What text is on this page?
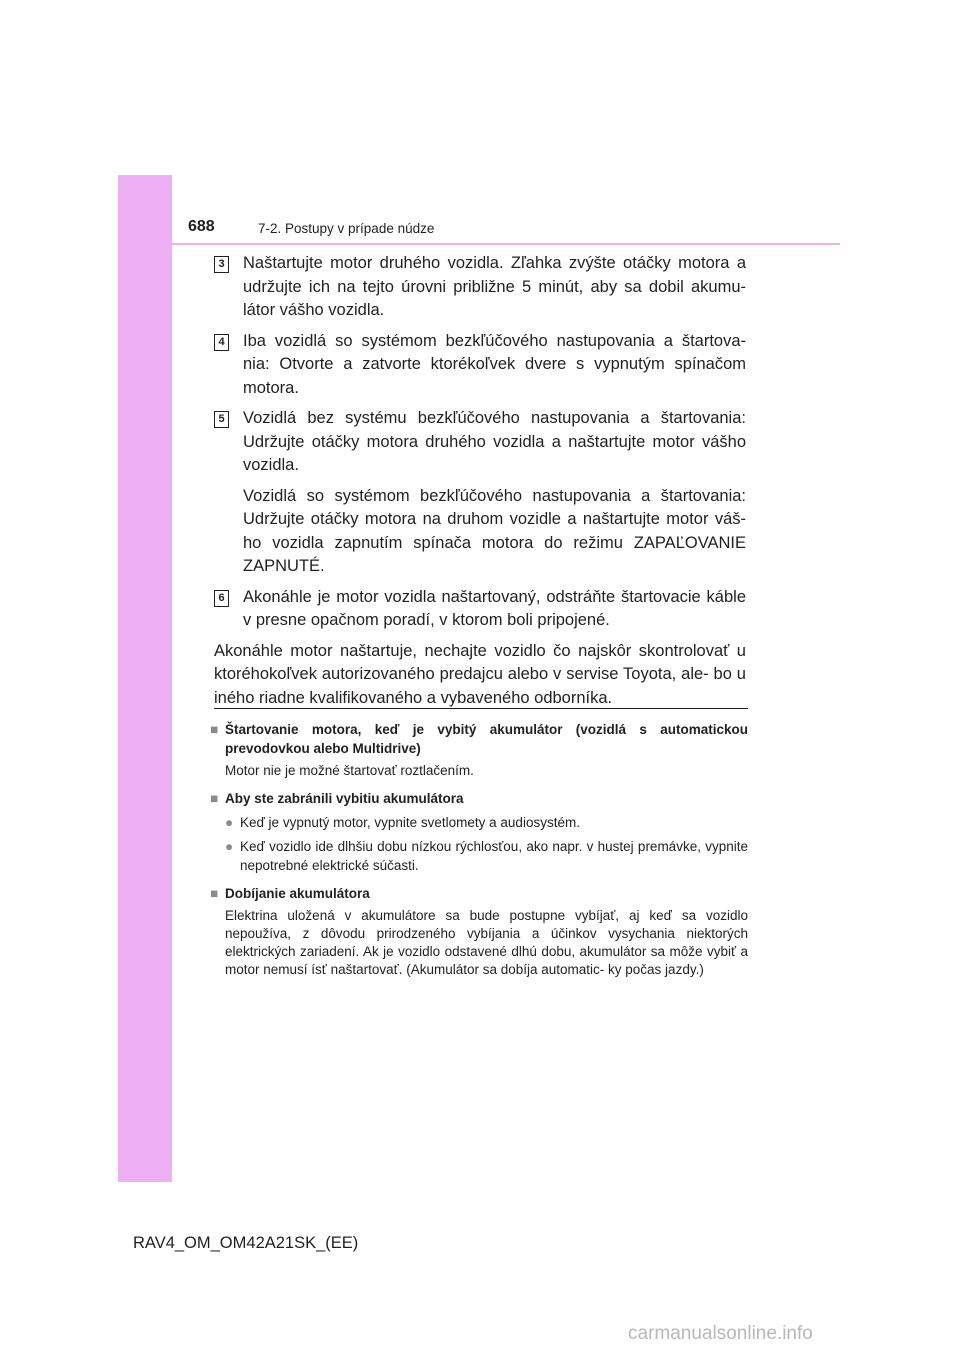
688	7-2. Postupy v prípade núdze
3 Naštartujte motor druhého vozidla. Zľahka zvýšte otáčky motora a udržujte ich na tejto úrovni približne 5 minút, aby sa dobil akumu- látor vášho vozidla.

4 Iba vozidlá so systémom bezkľúčového nastupovania a štartova- nia: Otvorte a zatvorte ktorékoľvek dvere s vypnutým spínačom motora.

5 Vozidlá bez systému bezkľúčového nastupovania a štartovania: Udržujte otáčky motora druhého vozidla a naštartujte motor vášho vozidla.

Vozidlá so systémom bezkľúčového nastupovania a štartovania: Udržujte otáčky motora na druhom vozidle a naštartujte motor váš- ho vozidla zapnutím spínača motora do režimu ZAPAĽOVANIE ZAPNUTÉ.

6 Akonáhle je motor vozidla naštartovaný, odstráňte štartovacie káble v presne opačnom poradí, v ktorom boli pripojené.

Akonáhle motor naštartuje, nechajte vozidlo čo najskôr skontrolovať u ktoréhokoľvek autorizovaného predajcu alebo v servise Toyota, ale- bo u iného riadne kvalifikovaného a vybaveného odborníka.

■ Štartovanie motora, keď je vybitý akumulátor (vozidlá s automatickou prevodovkou alebo Multidrive)
Motor nie je možné štartovať roztlačením.
■ Aby ste zabránili vybitiu akumulátora
● Keď je vypnutý motor, vypnite svetlomety a audiosystém.
● Keď vozidlo ide dlhšiu dobu nízkou rýchlosťou, ako napr. v hustej premávke, vypnite nepotrebné elektrické súčasti.
■ Dobíjanie akumulátora
Elektrina uložená v akumulátore sa bude postupne vybíjať, aj keď sa vozidlo nepoužíva, z dôvodu prirodzeného vybíjania a účinkov vysychania niektorých elektrických zariadení. Ak je vozidlo odstavené dlhú dobu, akumulátor sa môže vybiť a motor nemusí ísť naštartovať. (Akumulátor sa dobíja automatic- ky počas jazdy.)
RAV4_OM_OM42A21SK_(EE)
carmanualsonline.info
